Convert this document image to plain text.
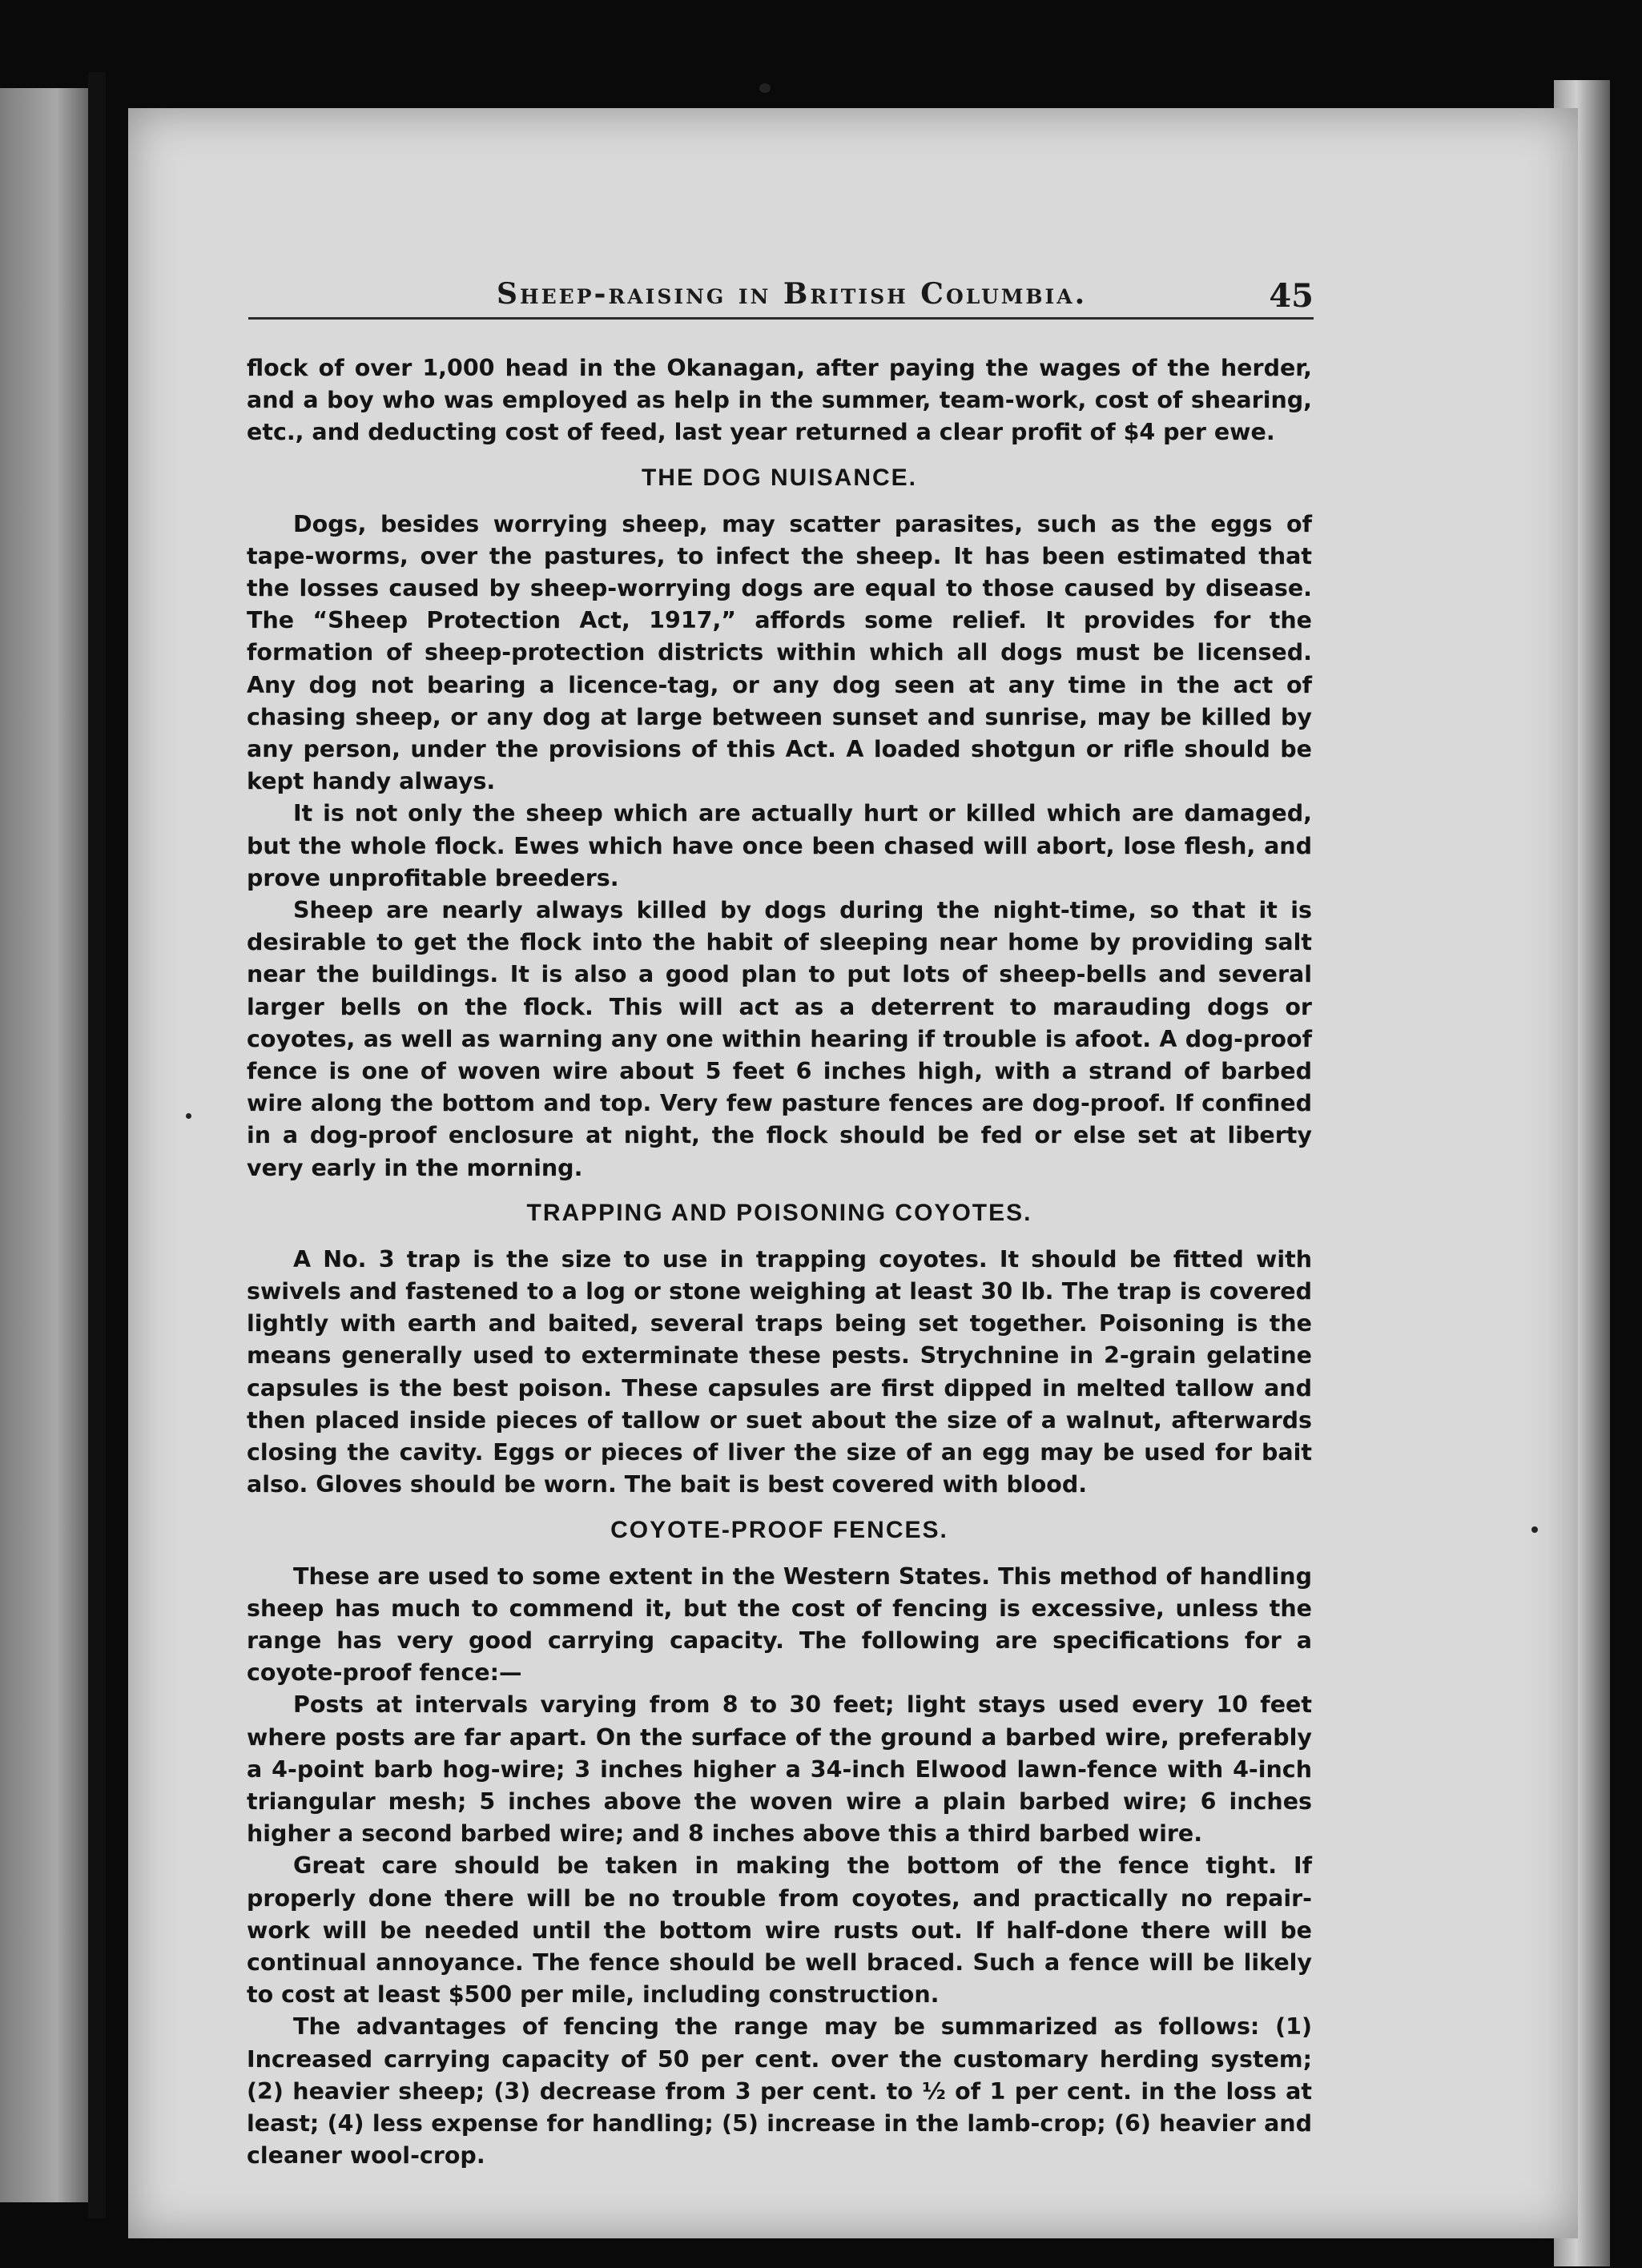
Sheep-raising in British Columbia.	45

flock of over 1,000 head in the Okanagan, after paying the wages of the herder, and a boy who was employed as help in the summer, team-work, cost of shearing, etc., and deducting cost of feed, last year returned a clear profit of $4 per ewe.

THE DOG NUISANCE.

Dogs, besides worrying sheep, may scatter parasites, such as the eggs of tape-worms, over the pastures, to infect the sheep. It has been estimated that the losses caused by sheep-worrying dogs are equal to those caused by disease. The “Sheep Protection Act, 1917,” affords some relief. It provides for the formation of sheep-protection districts within which all dogs must be licensed. Any dog not bearing a licence-tag, or any dog seen at any time in the act of chasing sheep, or any dog at large between sunset and sunrise, may be killed by any person, under the provisions of this Act. A loaded shotgun or rifle should be kept handy always.

It is not only the sheep which are actually hurt or killed which are damaged, but the whole flock. Ewes which have once been chased will abort, lose flesh, and prove unprofitable breeders.

Sheep are nearly always killed by dogs during the night-time, so that it is desirable to get the flock into the habit of sleeping near home by providing salt near the buildings. It is also a good plan to put lots of sheep-bells and several larger bells on the flock. This will act as a deterrent to marauding dogs or coyotes, as well as warning any one within hearing if trouble is afoot. A dog-proof fence is one of woven wire about 5 feet 6 inches high, with a strand of barbed wire along the bottom and top. Very few pasture fences are dog-proof. If confined in a dog-proof enclosure at night, the flock should be fed or else set at liberty very early in the morning.

TRAPPING AND POISONING COYOTES.

A No. 3 trap is the size to use in trapping coyotes. It should be fitted with swivels and fastened to a log or stone weighing at least 30 lb. The trap is covered lightly with earth and baited, several traps being set together. Poisoning is the means generally used to exterminate these pests. Strychnine in 2-grain gelatine capsules is the best poison. These capsules are first dipped in melted tallow and then placed inside pieces of tallow or suet about the size of a walnut, afterwards closing the cavity. Eggs or pieces of liver the size of an egg may be used for bait also. Gloves should be worn. The bait is best covered with blood.

COYOTE-PROOF FENCES.

These are used to some extent in the Western States. This method of handling sheep has much to commend it, but the cost of fencing is excessive, unless the range has very good carrying capacity. The following are specifications for a coyote-proof fence:—

Posts at intervals varying from 8 to 30 feet; light stays used every 10 feet where posts are far apart. On the surface of the ground a barbed wire, preferably a 4-point barb hog-wire; 3 inches higher a 34-inch Elwood lawn-fence with 4-inch triangular mesh; 5 inches above the woven wire a plain barbed wire; 6 inches higher a second barbed wire; and 8 inches above this a third barbed wire.

Great care should be taken in making the bottom of the fence tight. If properly done there will be no trouble from coyotes, and practically no repair-work will be needed until the bottom wire rusts out. If half-done there will be continual annoyance. The fence should be well braced. Such a fence will be likely to cost at least $500 per mile, including construction.

The advantages of fencing the range may be summarized as follows: (1) Increased carrying capacity of 50 per cent. over the customary herding system; (2) heavier sheep; (3) decrease from 3 per cent. to ½ of 1 per cent. in the loss at least; (4) less expense for handling; (5) increase in the lamb-crop; (6) heavier and cleaner wool-crop.
